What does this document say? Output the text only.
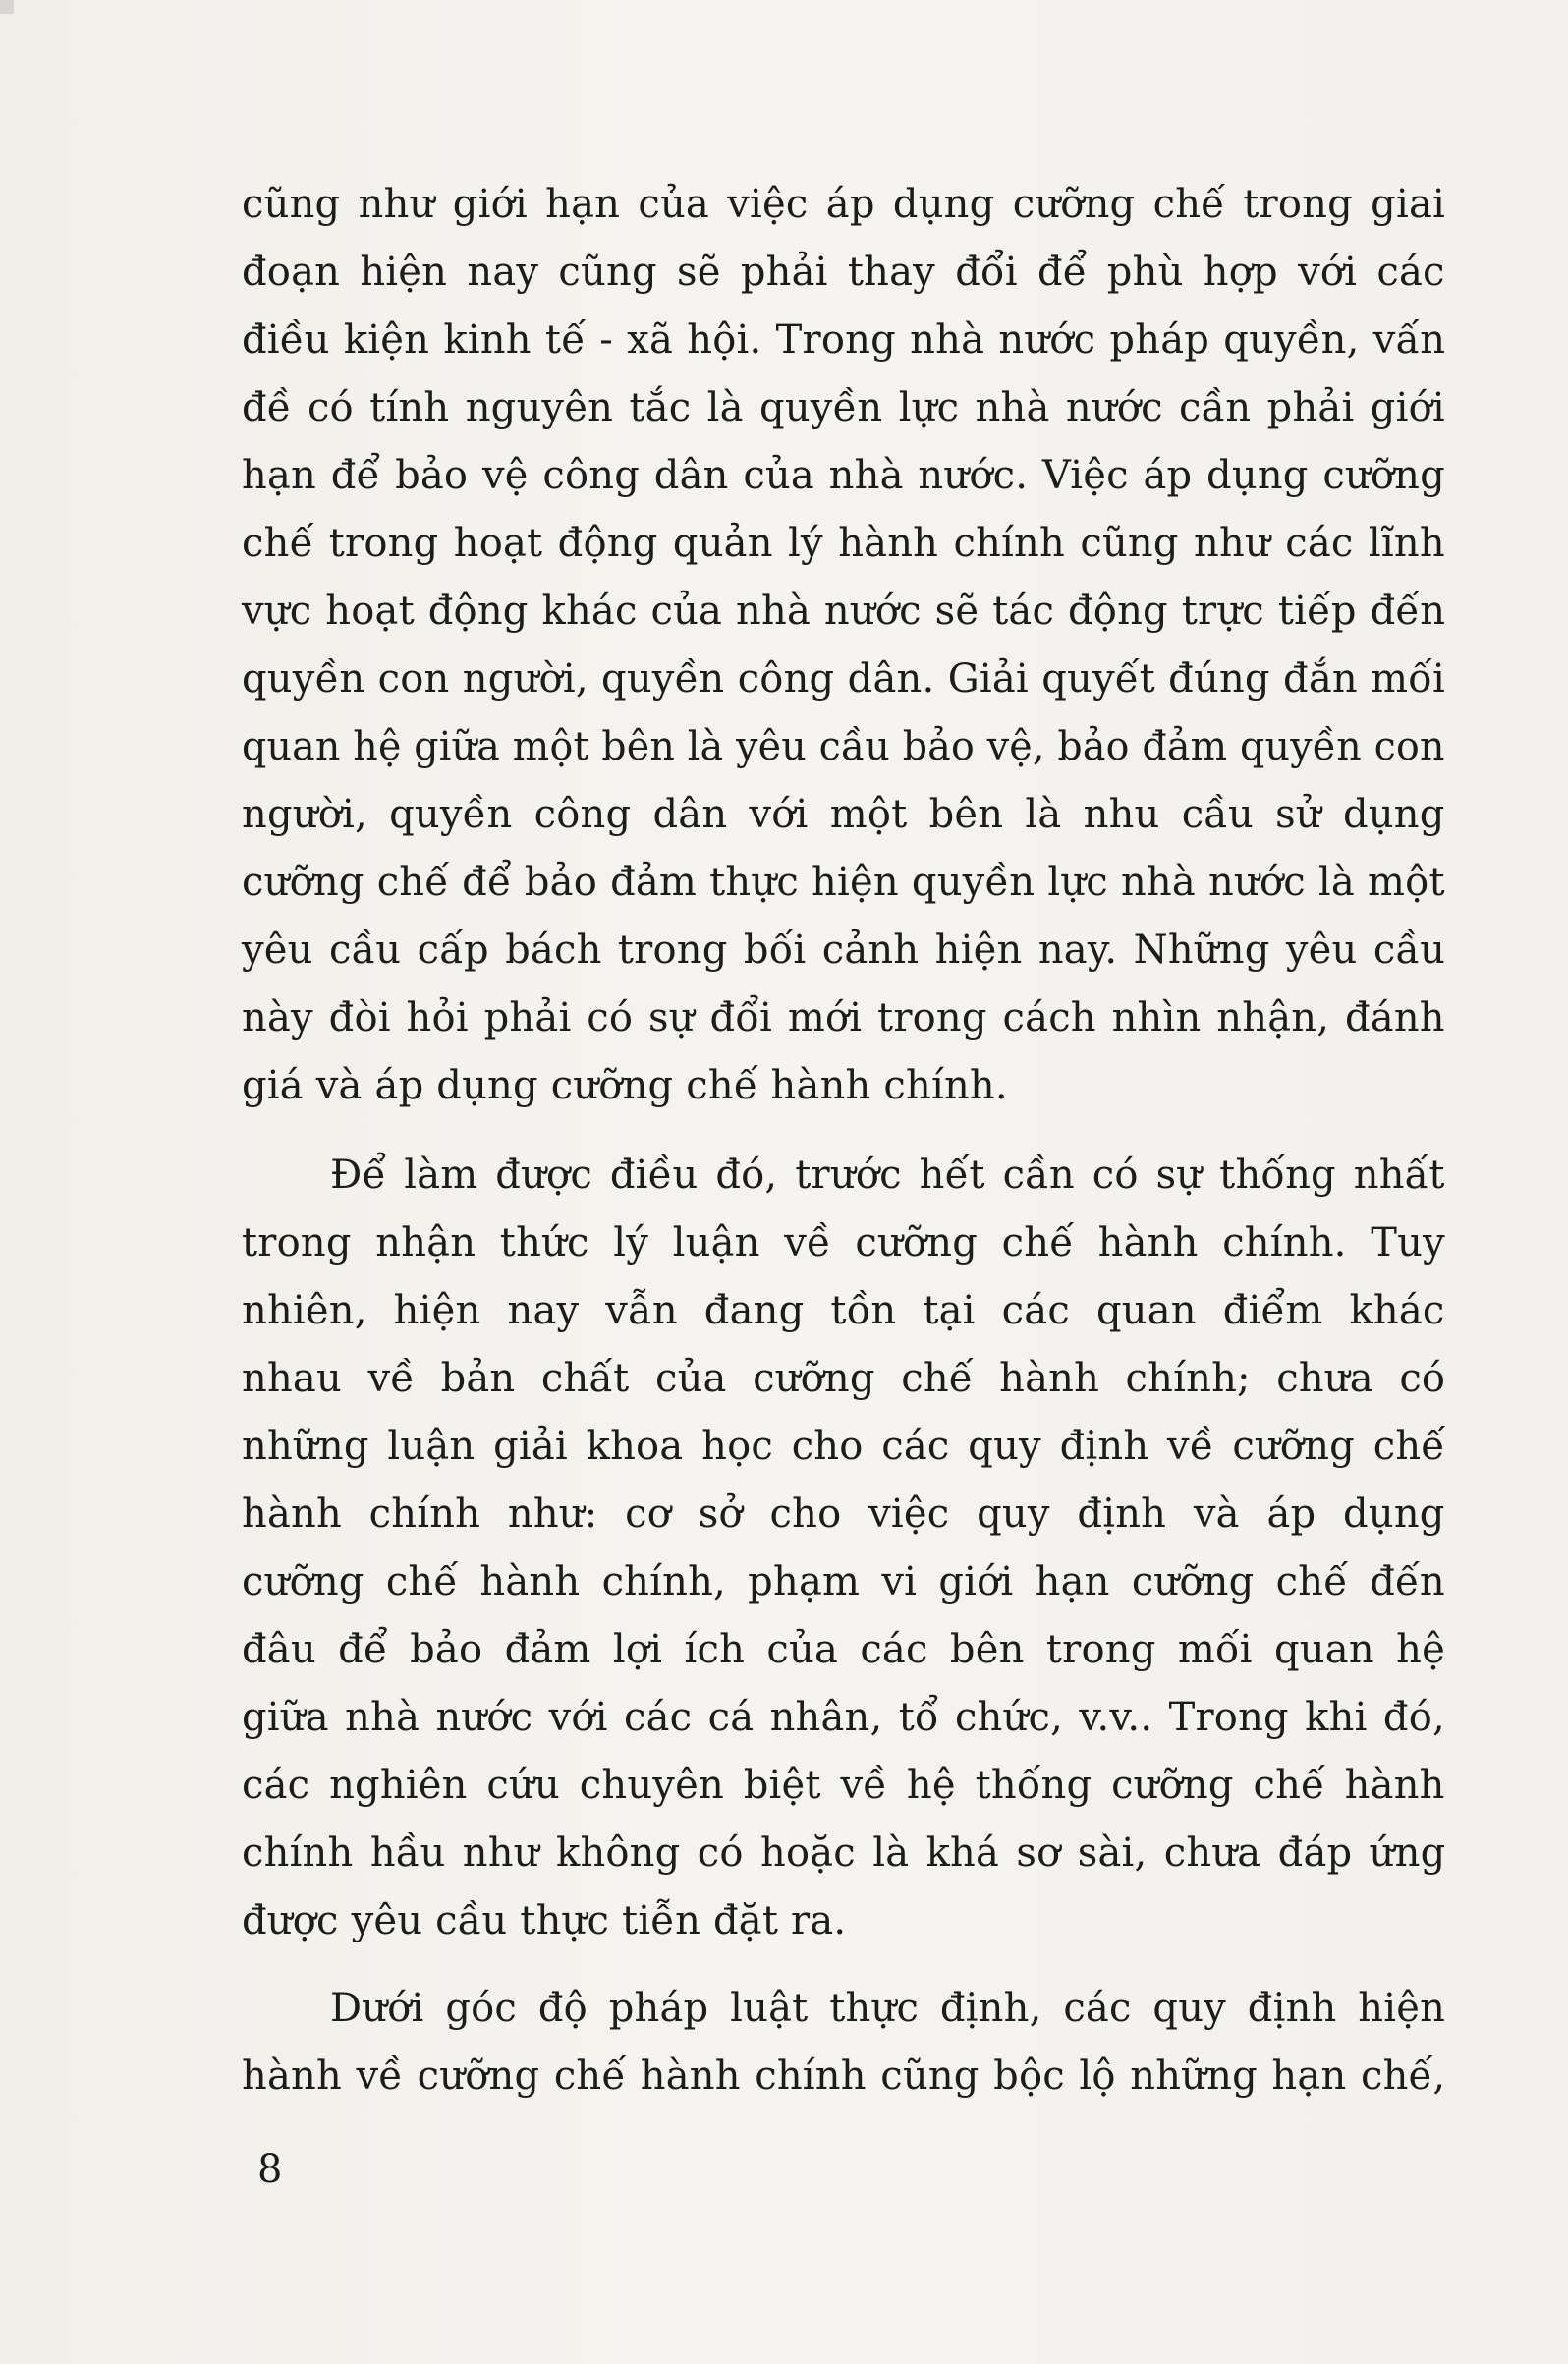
cũng như giới hạn của việc áp dụng cưỡng chế trong giai
đoạn hiện nay cũng sẽ phải thay đổi để phù hợp với các
điều kiện kinh tế - xã hội. Trong nhà nước pháp quyền, vấn
đề có tính nguyên tắc là quyền lực nhà nước cần phải giới
hạn để bảo vệ công dân của nhà nước. Việc áp dụng cưỡng
chế trong hoạt động quản lý hành chính cũng như các lĩnh
vực hoạt động khác của nhà nước sẽ tác động trực tiếp đến
quyền con người, quyền công dân. Giải quyết đúng đắn mối
quan hệ giữa một bên là yêu cầu bảo vệ, bảo đảm quyền con
người, quyền công dân với một bên là nhu cầu sử dụng
cưỡng chế để bảo đảm thực hiện quyền lực nhà nước là một
yêu cầu cấp bách trong bối cảnh hiện nay. Những yêu cầu
này đòi hỏi phải có sự đổi mới trong cách nhìn nhận, đánh
giá và áp dụng cưỡng chế hành chính.
Để làm được điều đó, trước hết cần có sự thống nhất
trong nhận thức lý luận về cưỡng chế hành chính. Tuy
nhiên, hiện nay vẫn đang tồn tại các quan điểm khác
nhau về bản chất của cưỡng chế hành chính; chưa có
những luận giải khoa học cho các quy định về cưỡng chế
hành chính như: cơ sở cho việc quy định và áp dụng
cưỡng chế hành chính, phạm vi giới hạn cưỡng chế đến
đâu để bảo đảm lợi ích của các bên trong mối quan hệ
giữa nhà nước với các cá nhân, tổ chức, v.v.. Trong khi đó,
các nghiên cứu chuyên biệt về hệ thống cưỡng chế hành
chính hầu như không có hoặc là khá sơ sài, chưa đáp ứng
được yêu cầu thực tiễn đặt ra.
Dưới góc độ pháp luật thực định, các quy định hiện
hành về cưỡng chế hành chính cũng bộc lộ những hạn chế,
8
